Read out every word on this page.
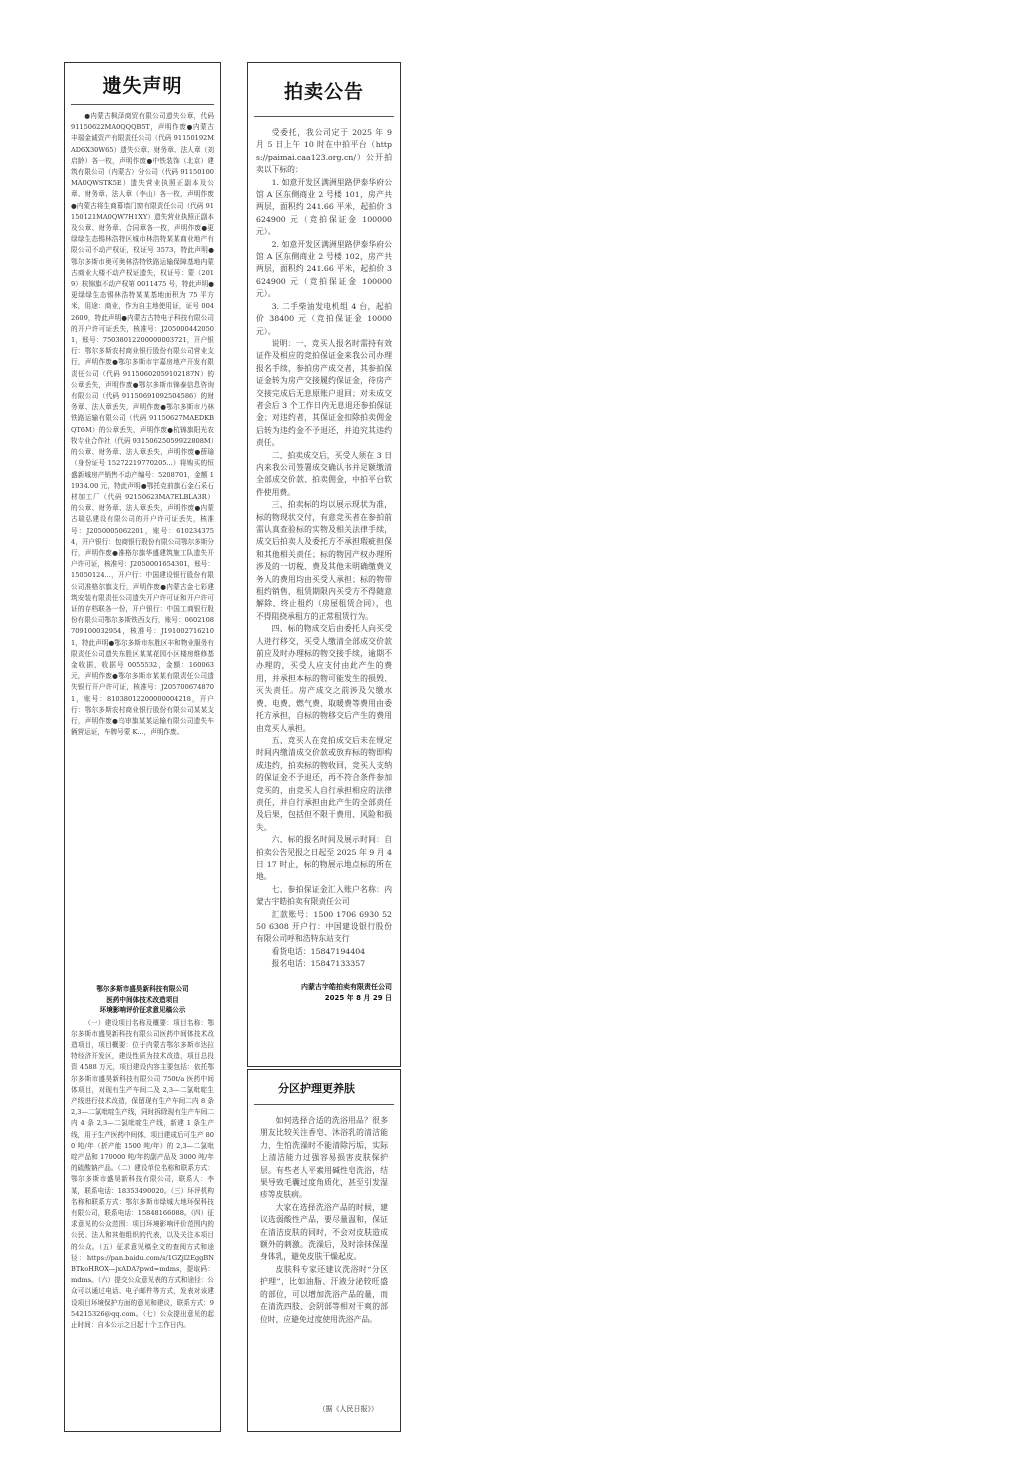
遗失声明

●内蒙古枫泽商贸有限公司遗失公章，代码 91150622MA0QQQB5T，声明作废●内蒙古丰瑞金诚资产有限责任公司（代码 91150192MAD6X30W65）遗失公章、财务章、法人章（刘启龄）各一枚，声明作废●中铁装饰（北京）建筑有限公司（内蒙古）分公司（代码 91150100MA0QWSTK5E）遗失营业执照正副本及公章、财务章、法人章（李山）各一枚，声明作废●内蒙古将生商幕墙门窗有限责任公司（代码 91150121MA0QW7H1XY）遗失营业执照正副本及公章、财务章、合同章各一枚，声明作废●更绿绿生态锡林浩特区城市林浩特某某商业地产有限公司不动产权证，权证号 3573，特此声明●鄂尔多斯市奥可奥林浩特铁路运输保障基地内蒙古商业大楼不动产权证遗失，权证号：蒙（2019）杭锦旗不动产权第 0011475 号，特此声明●更绿绿生态锡林浩特某某基地面积为 75 平方米，用途：商业，作为自主地使用证，证号 0042609，特此声明●内蒙古古特电子科技有限公司的开户许可证丢失，核准号：J2050004420501，账号：75038012200000003721，开户银行：鄂尔多斯农村商业银行股份有限公司营业支行，声明作废●鄂尔多斯市宇嘉房地产开发有限责任公司（代码 91150602059102187N）的公章丢失，声明作废●鄂尔多斯市锦泰信息咨询有限公司（代码 91150691092504586）的财务章、法人章丢失，声明作废●鄂尔多斯市乃林铁路运输有限公司（代码 91150627MAEDKBQT6M）的公章丢失，声明作废●杭锦旗阳光农牧专业合作社（代码 93150625059922808M）的公章、财务章、法人章丢失，声明作废●薛瑜（身份证号 15272219770205...）将购买的恒盛新城房产销售不动产编号：5208701，金额 11934.00 元，特此声明●鄂托克前旗石金石采石材加工厂（代码 92150623MA7ELBLA3R）的公章、财务章、法人章丢失，声明作废●内蒙古瑞弘建设有限公司的开户许可证丢失，核准号：J2050005062201，账号：6102343754，开户银行：包商银行股份有限公司鄂尔多斯分行，声明作废●准格尔旗华盛建筑施工队遗失开户许可证，核准号：J2050001654301，账号：15050124...，开户行：中国建设银行股份有限公司准格尔旗支行，声明作废●内蒙古金七彩建筑安装有限责任公司遗失开户许可证和开户许可证的存档联各一份，开户银行：中国工商银行股份有限公司鄂尔多斯铁西支行，账号：0602108709100032954，核准号：J1910027162101，特此声明●鄂尔多斯市东胜区丰和物业服务有限责任公司遗失东胜区某某花园小区楼房维修基金收据，收据号 0055532，金额：160063 元，声明作废●鄂尔多斯市某某有限责任公司遗失银行开户许可证，核准号：J2057006748701，账号：81038012200000004218，开户行：鄂尔多斯农村商业银行股份有限公司某某支行，声明作废●乌审旗某某运输有限公司遗失车辆营运证，车牌号蒙 K...，声明作废。

鄂尔多斯市盛昊新科技有限公司
医药中间体技术改造项目
环境影响评价征求意见稿公示

（一）建设项目名称及概要：项目名称：鄂尔多斯市盛昊新科技有限公司医药中间体技术改造项目，项目概要：位于内蒙古鄂尔多斯市达拉特经济开发区，建设性质为技术改造，项目总投资 4588 万元，项目建设内容主要包括：依托鄂尔多斯市盛昊新科技有限公司 750t/a 医药中间体项目，对现有生产车间二及 2,3—二氯吡啶生产线进行技术改造，保留现有生产车间二内 8 条 2,3—二氯吡啶生产线，同时拆除现有生产车间二内 4 条 2,3—二氯吡啶生产线，新建 1 条生产线，用于生产医药中间体，项目建成后可生产 800 吨/年（折产能 1500 吨/年）的 2,3—二氯吡啶产品和 170000 吨/年的副产品及 3000 吨/年的硫酸钠产品。（二）建设单位名称和联系方式：鄂尔多斯市盛昊新科技有限公司，联系人：李某，联系电话：18353490020。（三）环评机构名称和联系方式：鄂尔多斯市绿城大地环保科技有限公司，联系电话：15848166088。（四）征求意见的公众范围：项目环境影响评价范围内的公民、法人和其他组织的代表，以及关注本项目的公众。（五）征求意见稿全文的查阅方式和途径：https://pan.baidu.com/s/1GZjl2EggBNBTkoHROX—jxADA?pwd=mdms，提取码：mdms。（六）提交公众意见表的方式和途径：公众可以通过电话、电子邮件等方式，发表对该建设项目环境保护方面的意见和建议，联系方式：954215326@qq.com。（七）公众提出意见的起止时间：自本公示之日起十个工作日内。

拍卖公告

受委托，我公司定于 2025 年 9 月 5 日上午 10 时在中拍平台（https://paimai.caa123.org.cn/）公开拍卖以下标的：

1. 如意开发区满洲里路伊泰华府公馆 A 区东侧商业 2 号楼 101，房产共两层，面积约 241.66 平米，起拍价 3624900 元（竞拍保证金 100000 元）。

2. 如意开发区满洲里路伊泰华府公馆 A 区东侧商业 2 号楼 102，房产共两层，面积约 241.66 平米，起拍价 3624900 元（竞拍保证金 100000 元）。

3. 二手柴油发电机组 4 台，起拍价 38400 元（竞拍保证金 10000 元）。

说明：一、竞买人报名时需持有效证件及相应的竞拍保证金来我公司办理报名手续，参拍房产成交者，其参拍保证金转为房产交接履约保证金，待房产交接完成后无息原账户退回；对未成交者会后 3 个工作日内无息退还参拍保证金；对违约者，其保证金扣除拍卖佣金后转为违约金不予退还，并追究其违约责任。

二、拍卖成交后，买受人须在 3 日内来我公司签署成交确认书并足额缴清全部成交价款、拍卖佣金，中拍平台软件使用费。

三、拍卖标的均以展示现状为准，标的物现状交付，有意竞买者在参拍前需认真查验标的实物及相关法律手续，成交后拍卖人及委托方不承担瑕疵担保和其他相关责任；标的物因产权办理所涉及的一切税、费及其他未明确缴费义务人的费用均由买受人承担；标的物带租约销售，租赁期限内买受方不得随意解除、终止租约（房屋租赁合同），也不得阻挠承租方的正常租赁行为。

四、标的物成交后由委托人向买受人进行移交，买受人缴清全部成交价款前应及时办理标的物交接手续，逾期不办理的，买受人应支付由此产生的费用，并承担本标的物可能发生的损毁、灭失责任。房产成交之前涉及欠缴水费、电费、燃气费、取暖费等费用由委托方承担，自标的物移交后产生的费用由竞买人承担。

五、竞买人在竞拍成交后未在规定时间内缴清成交价款或放弃标的物即构成违约，拍卖标的物收回，竞买人支纳的保证金不予退还，再不符合条件参加竞买的，由竞买人自行承担相应的法律责任，并自行承担由此产生的全部责任及后果，包括但不限于费用、风险和损失。

六、标的报名时间及展示时间：自拍卖公告见报之日起至 2025 年 9 月 4 日 17 时止，标的物展示地点标的所在地。

七、参拍保证金汇入账户名称：内蒙古宇皓拍卖有限责任公司

汇款账号：1500 1706 6930 5250 6308 开户行：中国建设银行股份有限公司呼和浩特东站支行

看货电话：15847194404

报名电话：15847133357

内蒙古宇皓拍卖有限责任公司
2025 年 8 月 29 日
分区护理更养肤

如何选择合适的洗浴用品？很多朋友比较关注香皂、沐浴乳的清洁能力，生怕洗澡时不能清除污垢，实际上清洁能力过强容易损害皮肤保护层。有些老人平素用碱性皂洗浴，结果导致毛囊过度角质化，甚至引发湿疹等皮肤病。

大家在选择洗浴产品的时候，建议选弱酸性产品，要尽量温和，保证在清洁皮肤的同时，不会对皮肤造成额外的刺激。洗澡后，及时涂抹保湿身体乳，避免皮肤干燥起皮。

皮肤科专家还建议洗浴时“分区护理”，比如油脂、汗液分泌较旺盛的部位，可以增加洗浴产品的量，而在清洗四肢、会阴部等相对干爽的部位时，应避免过度使用洗浴产品。

（据《人民日报》）
